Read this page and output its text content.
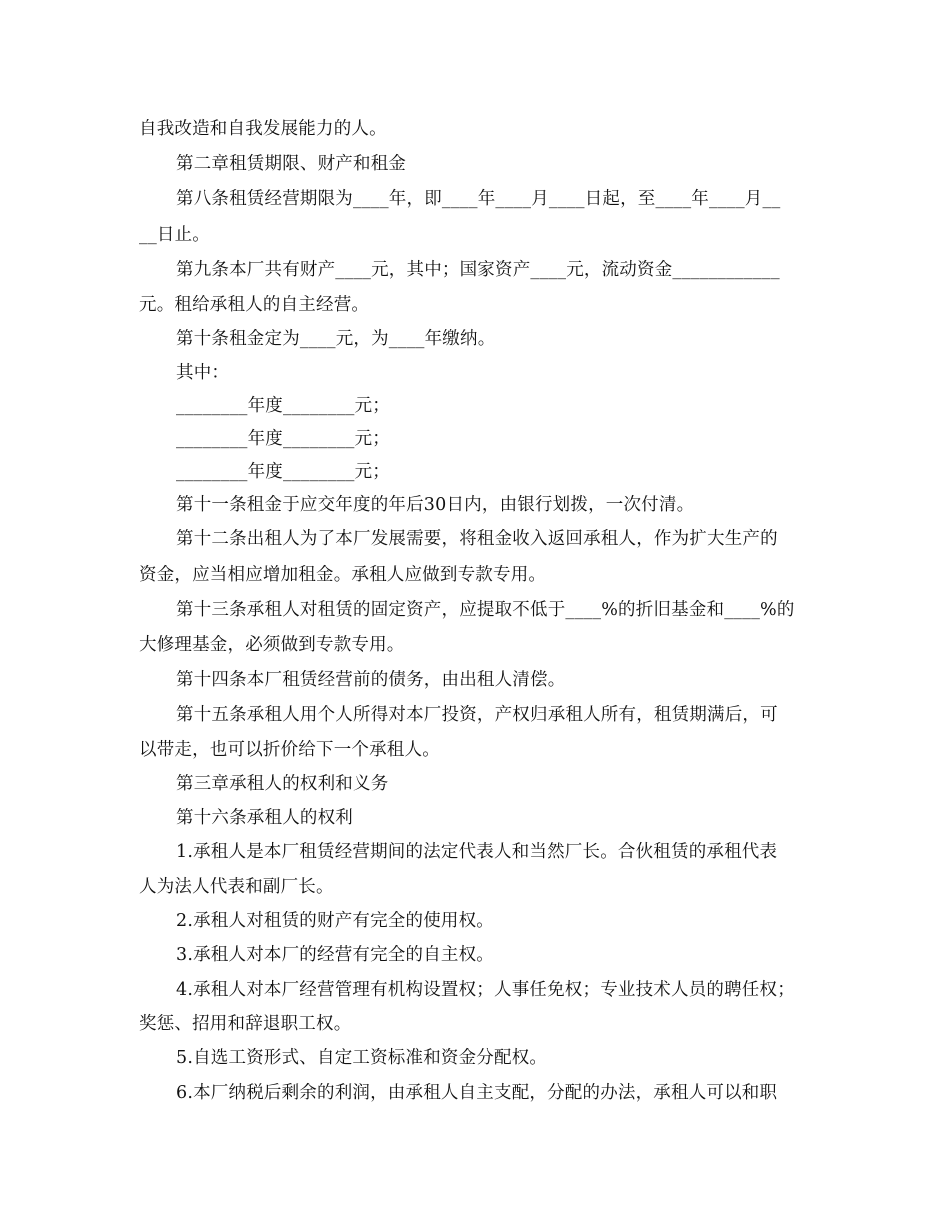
自我改造和自我发展能力的人。
第二章租赁期限、财产和租金
第八条租赁经营期限为____年，即____年____月____日起，至____年____月__
__日止。
第九条本厂共有财产____元，其中；国家资产____元，流动资金____________
元。租给承租人的自主经营。
第十条租金定为____元，为____年缴纳。
其中：
________年度________元；
________年度________元；
________年度________元；
第十一条租金于应交年度的年后30日内，由银行划拨，一次付清。
第十二条出租人为了本厂发展需要，将租金收入返回承租人，作为扩大生产的
资金，应当相应增加租金。承租人应做到专款专用。
第十三条承租人对租赁的固定资产，应提取不低于____%的折旧基金和____%的
大修理基金，必须做到专款专用。
第十四条本厂租赁经营前的债务，由出租人清偿。
第十五条承租人用个人所得对本厂投资，产权归承租人所有，租赁期满后，可
以带走，也可以折价给下一个承租人。
第三章承租人的权利和义务
第十六条承租人的权利
1.承租人是本厂租赁经营期间的法定代表人和当然厂长。合伙租赁的承租代表
人为法人代表和副厂长。
2.承租人对租赁的财产有完全的使用权。
3.承租人对本厂的经营有完全的自主权。
4.承租人对本厂经营管理有机构设置权；人事任免权；专业技术人员的聘任权；
奖惩、招用和辞退职工权。
5.自选工资形式、自定工资标准和资金分配权。
6.本厂纳税后剩余的利润，由承租人自主支配，分配的办法，承租人可以和职
